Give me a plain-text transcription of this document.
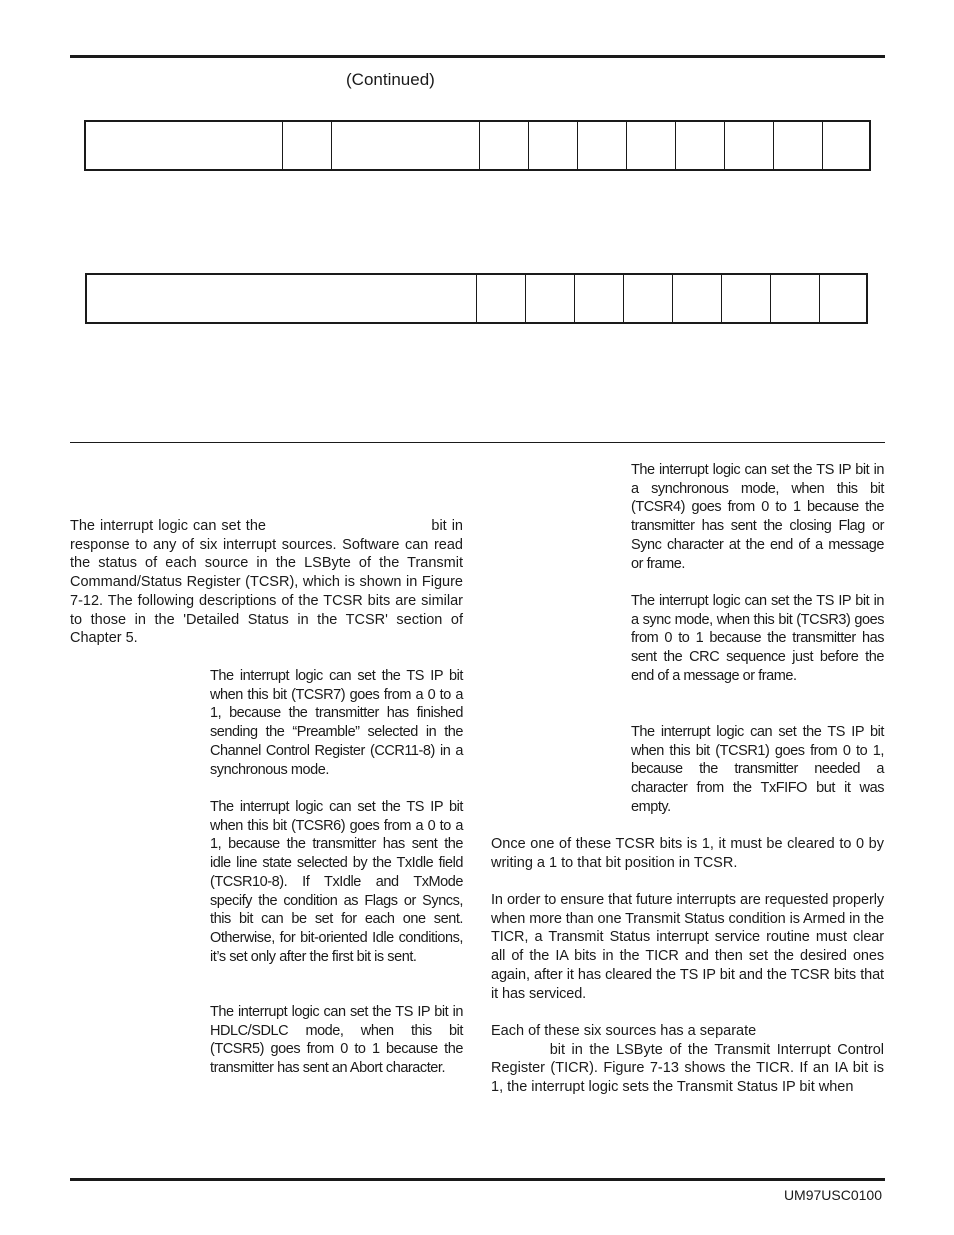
(Continued)

The interrupt logic can set the                                 bit in response to any of six interrupt sources. Software can read the status of each source in the LSByte of the Transmit Command/Status Register (TCSR), which is shown in Figure 7-12. The following descriptions of the TCSR bits are similar to those in the 'Detailed Status in the TCSR' section of Chapter 5.

The interrupt logic can set the TS IP bit when this bit (TCSR7) goes from a 0 to a 1, because the transmitter has finished sending the “Preamble” selected in the Channel Control Register (CCR11-8) in a synchronous mode.

The interrupt logic can set the TS IP bit when this bit (TCSR6) goes from a 0 to a 1, because the transmitter has sent the idle line state selected by the TxIdle field (TCSR10-8). If TxIdle and TxMode specify the condition as Flags or Syncs, this bit can be set for each one sent. Otherwise, for bit-oriented Idle conditions, it’s set only after the first bit is sent.

The interrupt logic can set the TS IP bit in HDLC/SDLC mode, when this bit (TCSR5) goes from 0 to 1 because the transmitter has sent an Abort character.

The interrupt logic can set the TS IP bit in a synchronous mode, when this bit (TCSR4) goes from 0 to 1 because the transmitter has sent the closing Flag or Sync character at the end of a message or frame.

The interrupt logic can set the TS IP bit in a sync mode, when this bit (TCSR3) goes from 0 to 1 because the transmitter has sent the CRC sequence just before the end of a message or frame.

The interrupt logic can set the TS IP bit when this bit (TCSR1) goes from 0 to 1, because the transmitter needed a character from the TxFIFO but it was empty.

Once one of these TCSR bits is 1, it must be cleared to 0 by writing a 1 to that bit position in TCSR.

In order to ensure that future interrupts are requested properly when more than one Transmit Status condition is Armed in the TICR, a Transmit Status interrupt service routine must clear all of the IA bits in the TICR and then set the desired ones again, after it has cleared the TS IP bit and the TCSR bits that it has serviced.

Each of these six sources has a separate
bit in the LSByte of the Transmit Interrupt Control Register (TICR). Figure 7-13 shows the TICR. If an IA bit is 1, the interrupt logic sets the Transmit Status IP bit when

UM97USC0100
